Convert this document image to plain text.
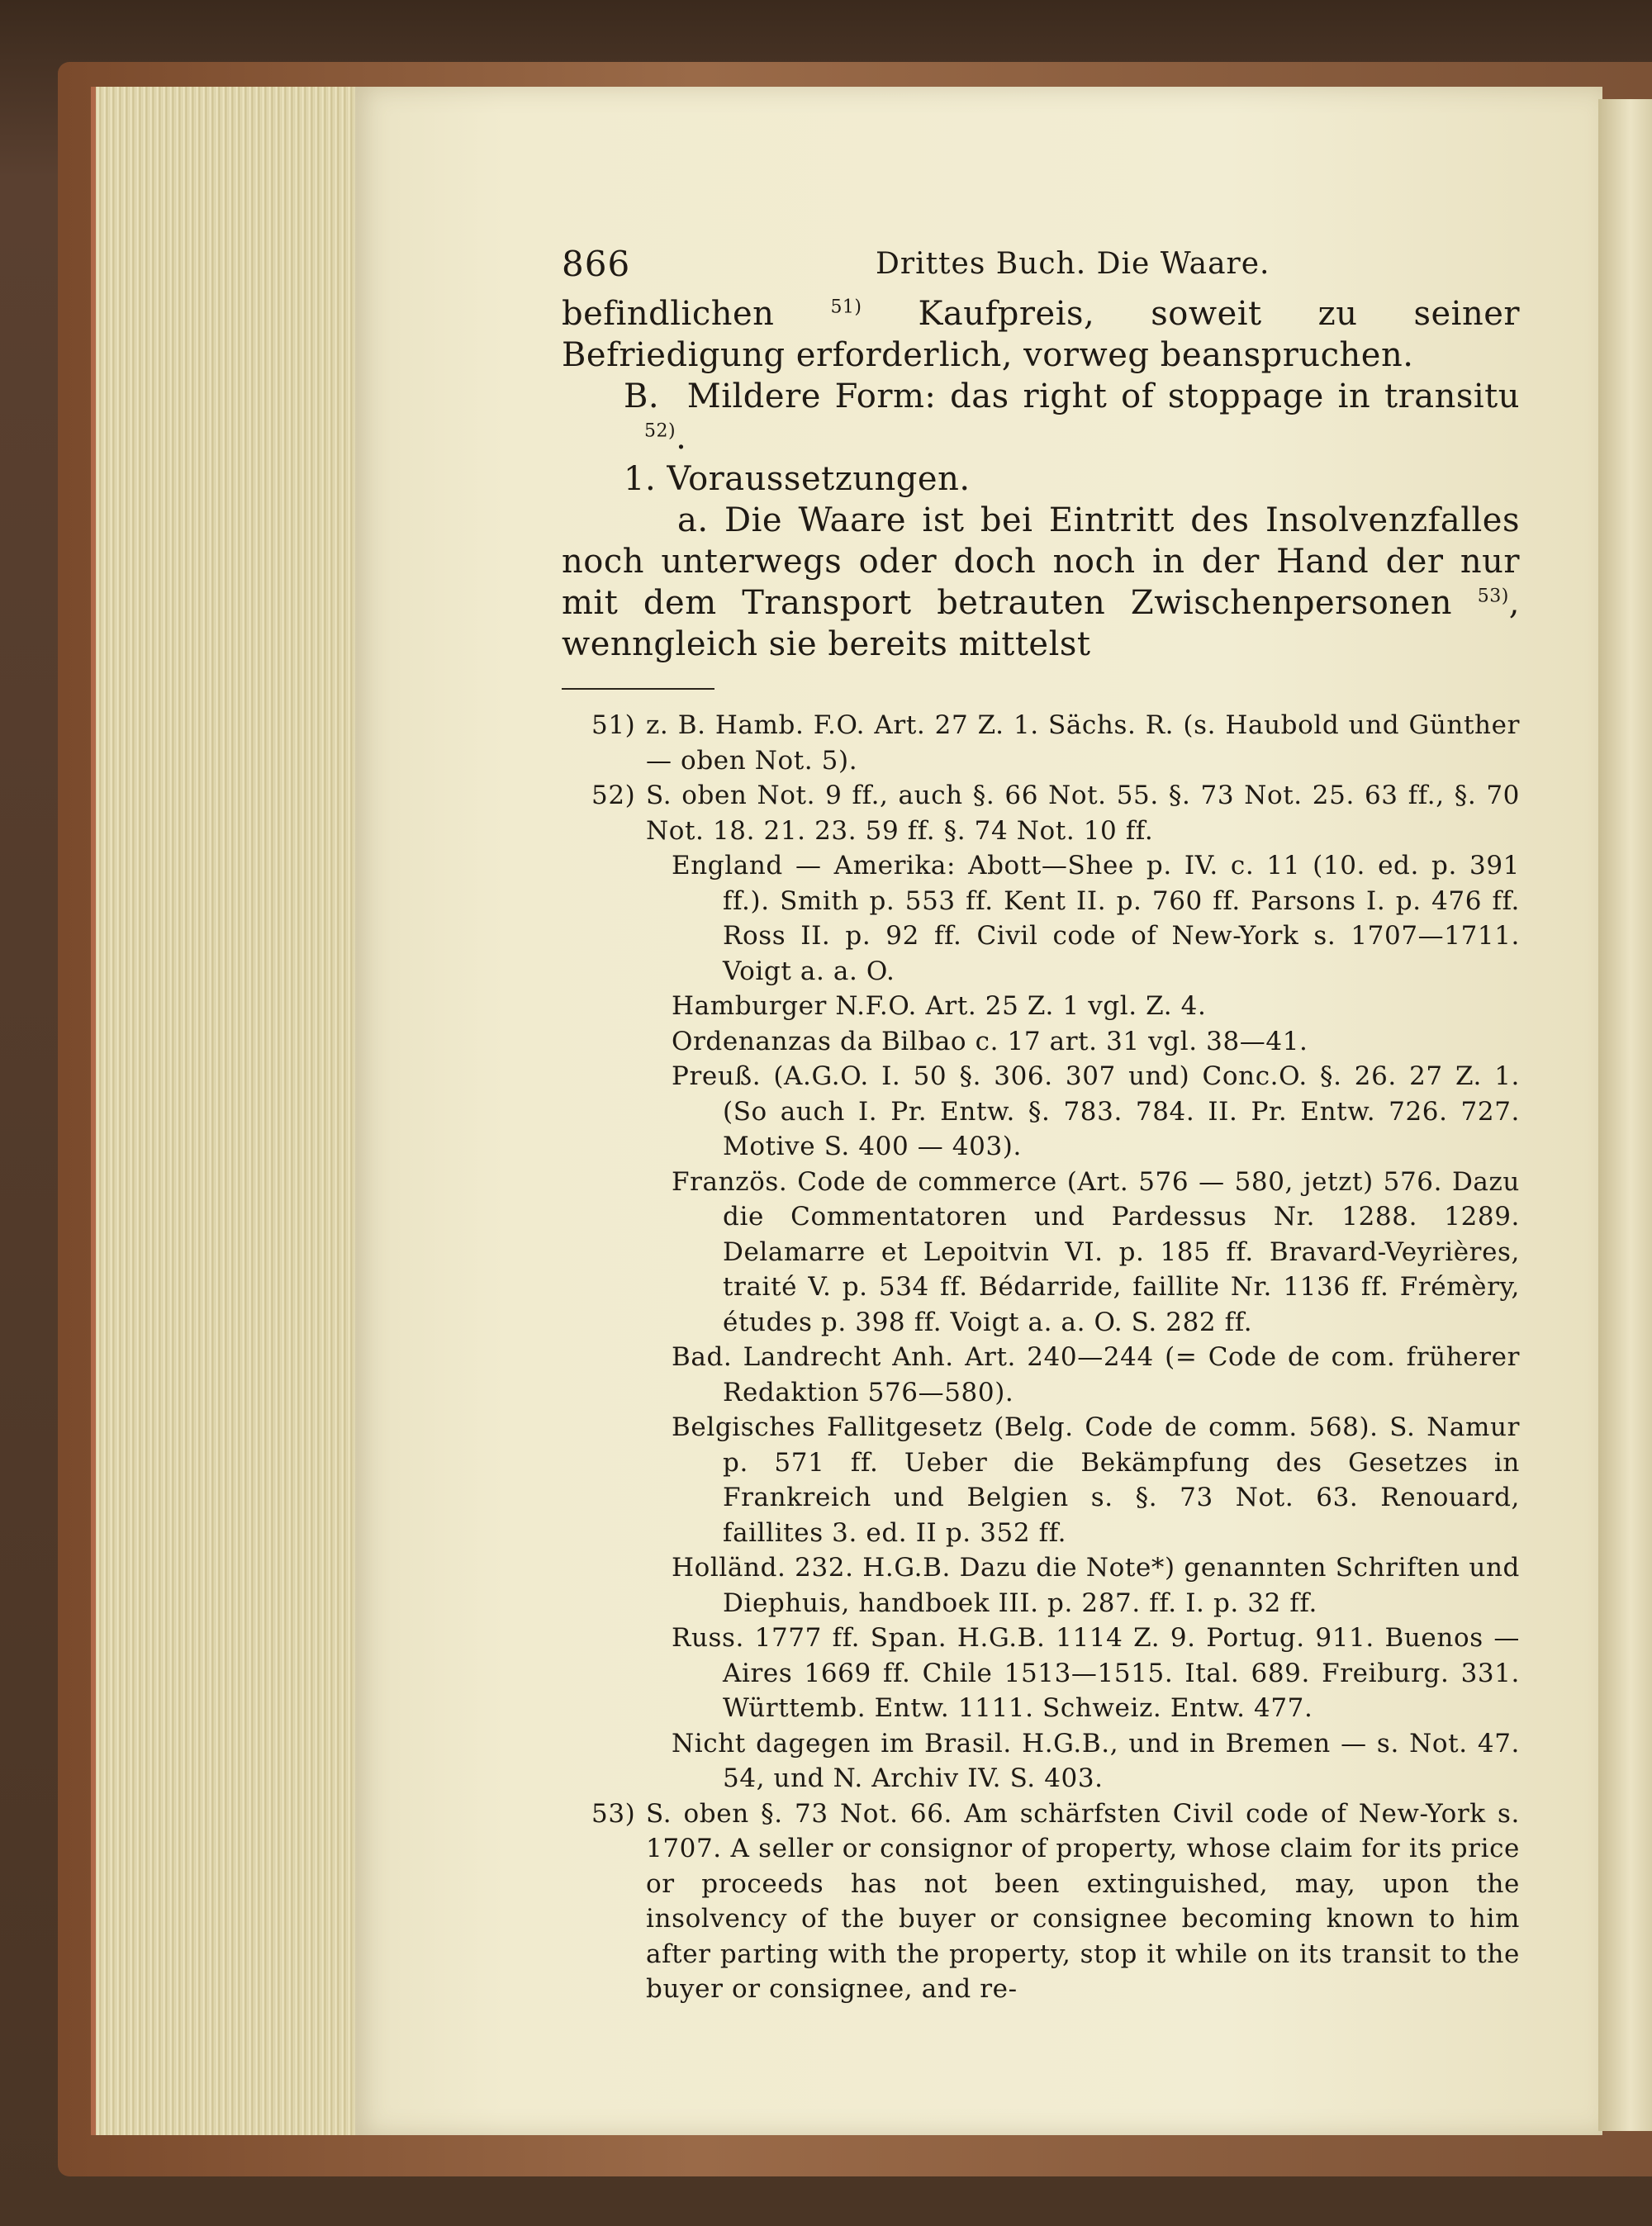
866	Drittes Buch. Die Waare.

befindlichen	$^{51)}$ Kaufpreis, soweit zu seiner Befriedigung erforderlich, vorweg beanspruchen.

B. Mildere Form: das right of stoppage in transitu $^{52)}$.

1. Voraussetzungen.

a. Die Waare ist bei Eintritt des Insolvenzfalles noch unterwegs oder doch noch in der Hand der nur mit dem Transport betrauten Zwischenpersonen $^{53)}$, wenngleich sie bereits mittelst

51) z. B. Hamb. F.O. Art. 27 Z. 1. Sächs. R. (s. Haubold und Günther — oben Not. 5).
52) S. oben Not. 9 ff., auch §. 66 Not. 55. §. 73 Not. 25. 63 ff., §. 70 Not. 18. 21. 23. 59 ff. §. 74 Not. 10 ff.
England — Amerika: Abott—Shee p. IV. c. 11 (10. ed. p. 391 ff.). Smith p. 553 ff. Kent II. p. 760 ff. Parsons I. p. 476 ff. Ross II. p. 92 ff. Civil code of New-York s. 1707—1711. Voigt a. a. O.
Hamburger N.F.O. Art. 25 Z. 1 vgl. Z. 4.
Ordenanzas da Bilbao c. 17 art. 31 vgl. 38—41.
Preuß. (A.G.O. I. 50 §. 306. 307 und) Conc.O. §. 26. 27 Z. 1. (So auch I. Pr. Entw. §. 783. 784. II. Pr. Entw. 726. 727. Motive S. 400 — 403).
Französ. Code de commerce (Art. 576 — 580, jetzt) 576. Dazu die Commentatoren und Pardessus Nr. 1288. 1289. Delamarre et Lepoitvin VI. p. 185 ff. Bravard-Veyrières, traité V. p. 534 ff. Bédarride, faillite Nr. 1136 ff. Frémèry, études p. 398 ff. Voigt a. a. O. S. 282 ff.
Bad. Landrecht Anh. Art. 240—244 (= Code de com. früherer Redaktion 576—580).
Belgisches Fallitgesetz (Belg. Code de comm. 568). S. Namur p. 571 ff. Ueber die Bekämpfung des Gesetzes in Frankreich und Belgien s. §. 73 Not. 63. Renouard, faillites 3. ed. II p. 352 ff.
Holländ. 232. H.G.B. Dazu die Note*) genannten Schriften und Diephuis, handboek III. p. 287. ff. I. p. 32 ff.
Russ. 1777 ff. Span. H.G.B. 1114 Z. 9. Portug. 911. Buenos — Aires 1669 ff. Chile 1513—1515. Ital. 689. Freiburg. 331. Württemb. Entw. 1111. Schweiz. Entw. 477.
Nicht dagegen im Brasil. H.G.B., und in Bremen — s. Not. 47. 54, und N. Archiv IV. S. 403.
53) S. oben §. 73 Not. 66. Am schärfsten Civil code of New-York s. 1707. A seller or consignor of property, whose claim for its price or proceeds has not been extinguished, may, upon the insolvency of the buyer or consignee becoming known to him after parting with the property, stop it while on its transit to the buyer or consignee, and re-
